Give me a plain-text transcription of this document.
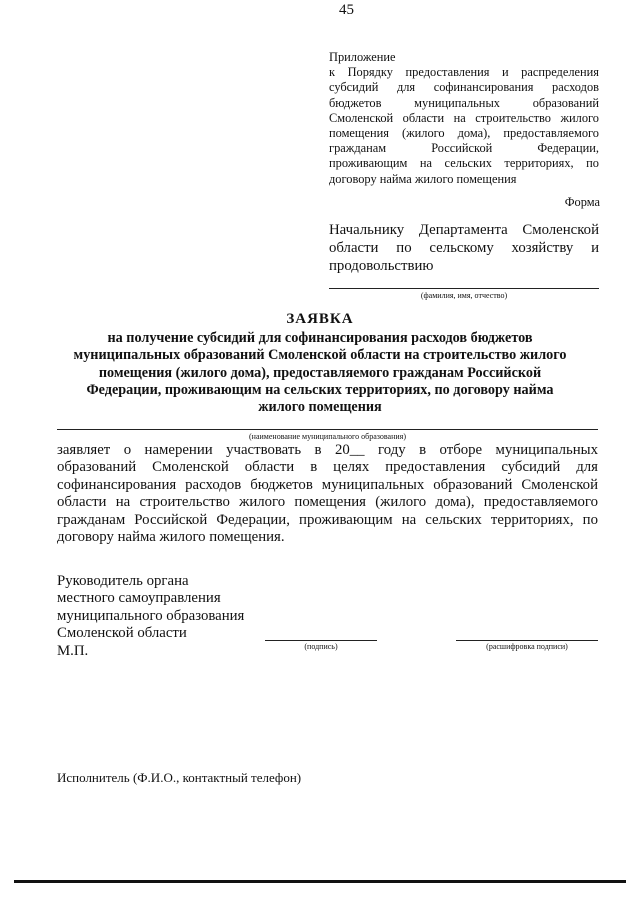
45
Приложение
к Порядку предоставления и распределения
субсидий для софинансирования расходов
бюджетов муниципальных образований
Смоленской области на строительство жилого
помещения (жилого дома), предоставляемого
гражданам Российской Федерации,
проживающим на сельских территориях, по
договору найма жилого помещения
Форма
Начальнику Департамента Смоленской
области по сельскому хозяйству и
продовольствию
(фамилия, имя, отчество)
ЗАЯВКА
на получение субсидий для софинансирования расходов бюджетов
муниципальных образований Смоленской области на строительство жилого
помещения (жилого дома), предоставляемого гражданам Российской
Федерации, проживающим на сельских территориях, по договору найма
жилого помещения
(наименование муниципального образования)
заявляет о намерении участвовать в 20__ году в отборе муниципальных
образований Смоленской области в целях предоставления субсидий для
софинансирования расходов бюджетов муниципальных образований Смоленской
области на строительство жилого помещения (жилого дома), предоставляемого
гражданам Российской Федерации, проживающим на сельских территориях, по
договору найма жилого помещения.
Руководитель органа
местного самоуправления
муниципального образования
Смоленской области
М.П.	(подпись)	(расшифровка подписи)
Исполнитель (Ф.И.О., контактный телефон)
